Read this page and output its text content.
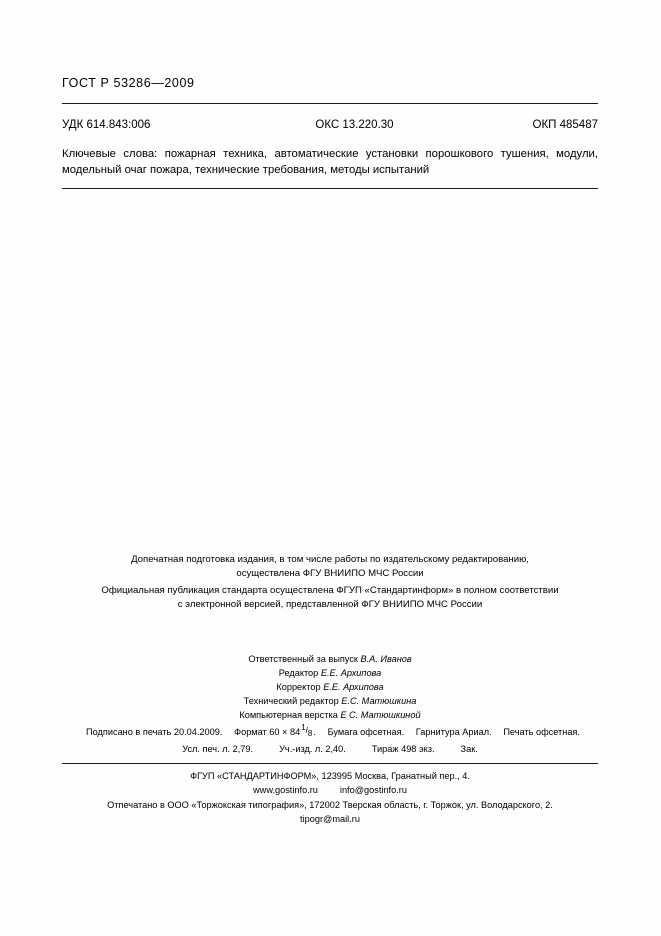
ГОСТ Р 53286—2009
УДК 614.843:006	ОКС 13.220.30	ОКП 485487
Ключевые слова: пожарная техника, автоматические установки порошкового тушения, модули, модельный очаг пожара, технические требования, методы испытаний
Допечатная подготовка издания, в том числе работы по издательскому редактированию,
осуществлена ФГУ ВНИИПО МЧС России
Официальная публикация стандарта осуществлена ФГУП «Стандартинформ» в полном соответствии
с электронной версией, представленной ФГУ ВНИИПО МЧС России
Ответственный за выпуск В.А. Иванов
Редактор Е.Е. Архипова
Корректор Е.Е. Архипова
Технический редактор Е.С. Матюшкина
Компьютерная верстка Е С. Матюшкиной
Подписано в печать 20.04.2009. Формат 60 × 84 1 / 8 . Бумага офсетная. Гарнитура Ариал. Печать офсетная.
Усл. печ. л. 2,79.	Уч.-изд. л. 2,40.	Тираж 498 экз.	Зак.
ФГУП «СТАНДАРТИНФОРМ», 123995 Москва, Гранатный пер., 4.
www.gostinfo.ru info@gostinfo.ru
Отпечатано в ООО «Торжокская типография», 172002 Тверская область, г. Торжок, ул. Володарского, 2.
tipogr@mail.ru
